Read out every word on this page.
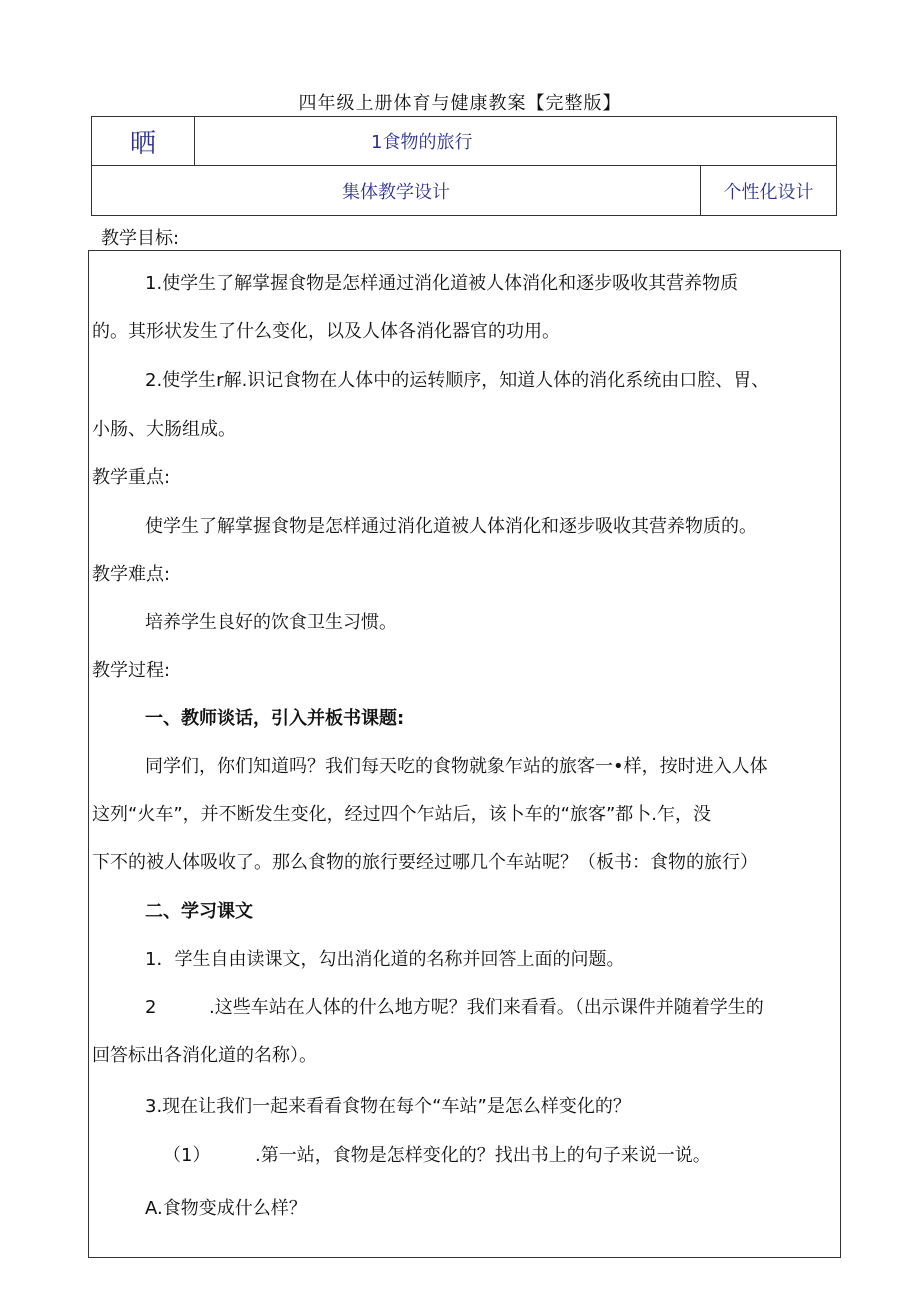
四年级上册体育与健康教案【完整版】
晒	1食物的旅行
集体教学设计	个性化设计
教学目标:
1.使学生了解掌握食物是怎样通过消化道被人体消化和逐步吸收其营养物质
的。其形状发生了什么变化，以及人体各消化器官的功用。
2.使学生r解.识记食物在人体中的运转顺序，知道人体的消化系统由口腔、胃、
小肠、大肠组成。
教学重点:
使学生了解掌握食物是怎样通过消化道被人体消化和逐步吸收其营养物质的。
教学难点:
培养学生良好的饮食卫生习惯。
教学过程:
一、教师谈话，引入并板书课题:
同学们，你们知道吗？我们每天吃的食物就象乍站的旅客一•样，按时进入人体
这列“火车”，并不断发生变化，经过四个乍站后，该卜车的“旅客”都卜.乍，没
下不的被人体吸收了。那么食物的旅行要经过哪几个车站呢？（板书：食物的旅行）
二、学习课文
1．学生自由读课文，勾出消化道的名称并回答上面的问题。
2	.这些车站在人体的什么地方呢？我们来看看。（出示课件并随着学生的
回答标出各消化道的名称）。
3.现在让我们一起来看看食物在每个“车站”是怎么样变化的？
（1） .第一站，食物是怎样变化的？找出书上的句子来说一说。
A.食物变成什么样？
